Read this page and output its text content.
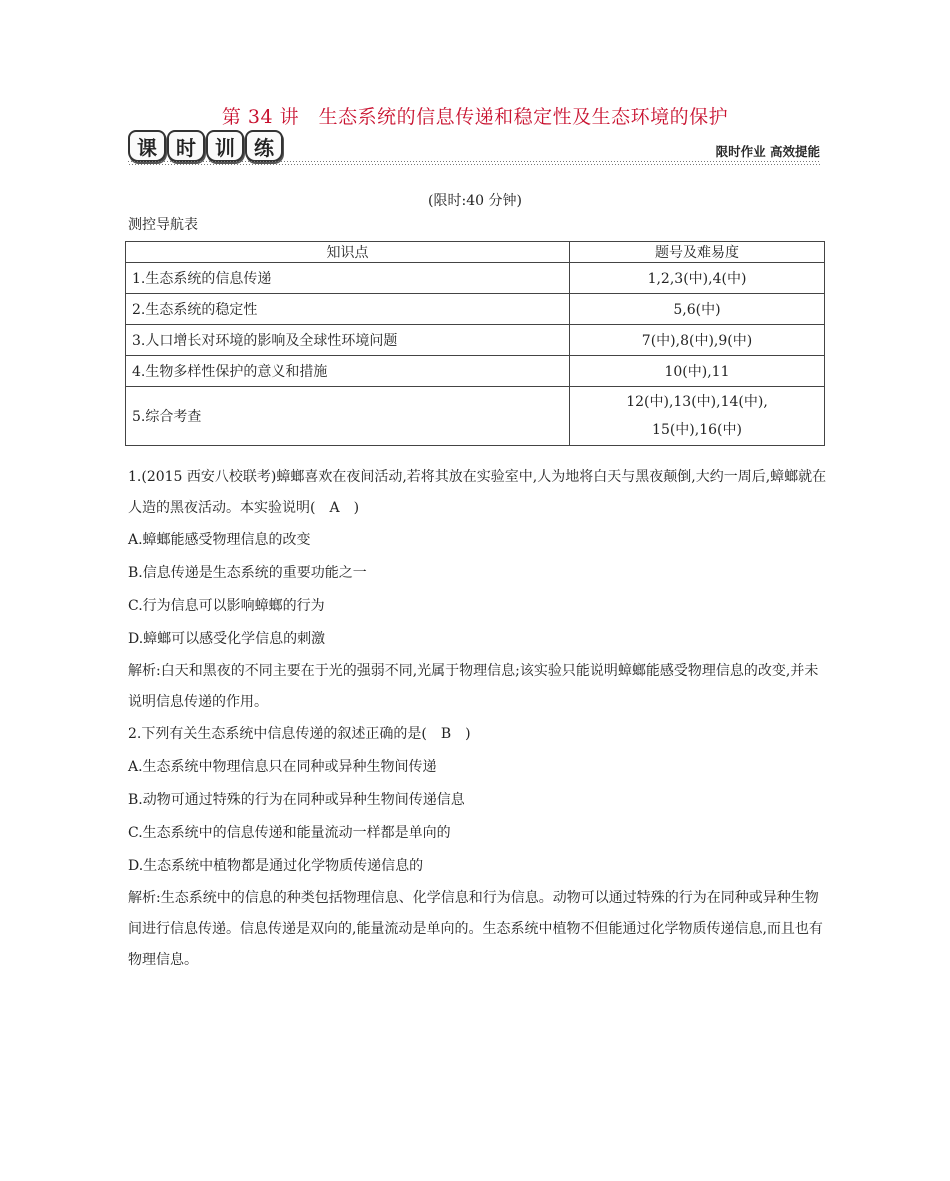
第 34 讲　生态系统的信息传递和稳定性及生态环境的保护
课 时 训 练	限时作业 高效提能
(限时:40 分钟)
测控导航表
知识点	题号及难易度
1.生态系统的信息传递	1,2,3(中),4(中)
2.生态系统的稳定性	5,6(中)
3.人口增长对环境的影响及全球性环境问题	7(中),8(中),9(中)
4.生物多样性保护的意义和措施	10(中),11
5.综合考查	12(中),13(中),14(中),
15(中),16(中)

1.(2015 西安八校联考)蟑螂喜欢在夜间活动,若将其放在实验室中,人为地将白天与黑夜颠倒,大约一周后,蟑螂就在人造的黑夜活动。本实验说明(　A　)

A.蟑螂能感受物理信息的改变

B.信息传递是生态系统的重要功能之一

C.行为信息可以影响蟑螂的行为

D.蟑螂可以感受化学信息的刺激

解析:白天和黑夜的不同主要在于光的强弱不同,光属于物理信息;该实验只能说明蟑螂能感受物理信息的改变,并未说明信息传递的作用。

2.下列有关生态系统中信息传递的叙述正确的是(　B　)

A.生态系统中物理信息只在同种或异种生物间传递

B.动物可通过特殊的行为在同种或异种生物间传递信息

C.生态系统中的信息传递和能量流动一样都是单向的

D.生态系统中植物都是通过化学物质传递信息的

解析:生态系统中的信息的种类包括物理信息、化学信息和行为信息。动物可以通过特殊的行为在同种或异种生物间进行信息传递。信息传递是双向的,能量流动是单向的。生态系统中植物不但能通过化学物质传递信息,而且也有物理信息。
